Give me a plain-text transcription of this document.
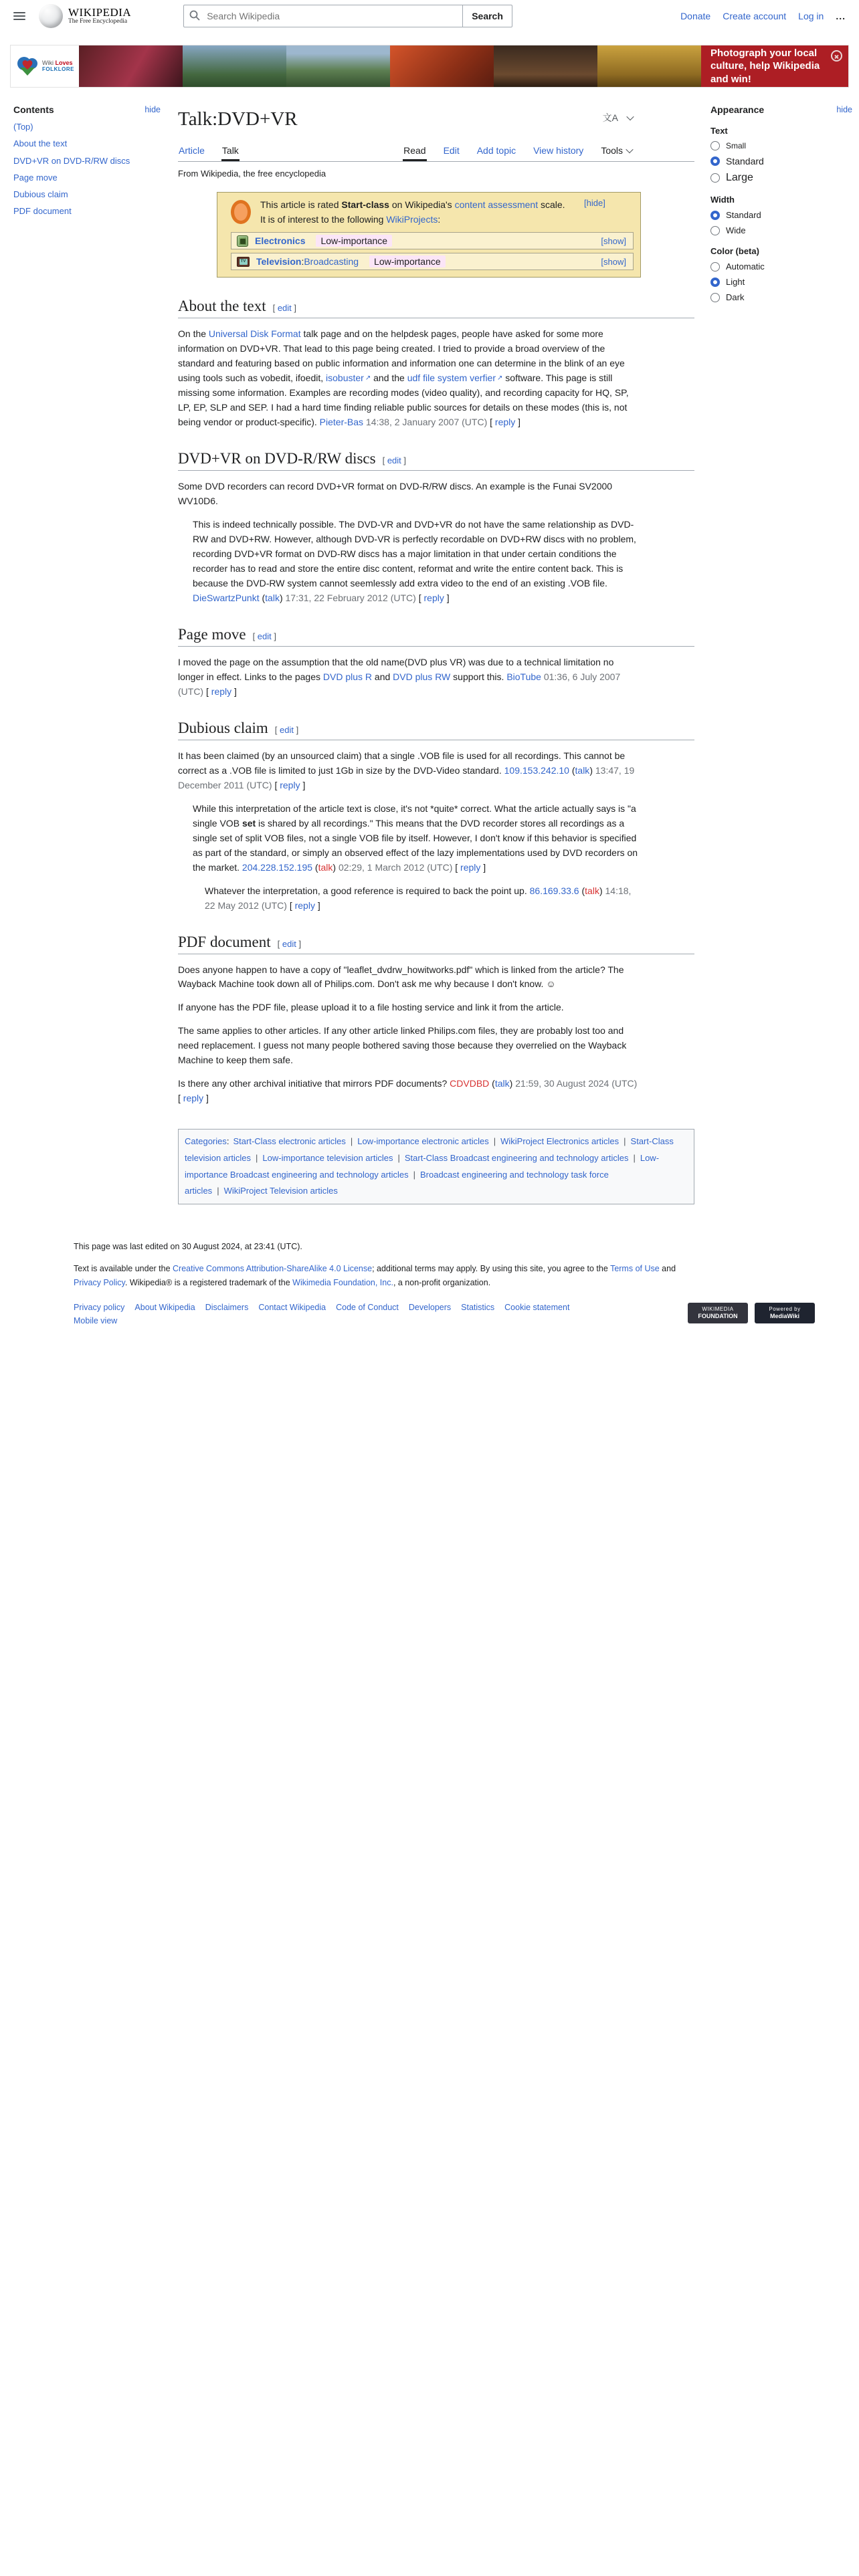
WIKIPEDIA
The Free Encyclopedia
Search Wikipedia	Search	Donate Create account Log in ...
Wiki Loves
FOLKLORE
Photograph your local culture, help Wikipedia and win!
Contents	hide
(Top)
About the text
DVD+VR on DVD-R/RW discs
Page move
Dubious claim
PDF document
Talk:DVD+VR
文A
Article Talk	Read Edit Add topic View history Tools
From Wikipedia, the free encyclopedia
This article is rated Start-class on Wikipedia's content assessment scale.
It is of interest to the following WikiProjects:
[hide]
Electronics	Low-importance	[show]
TV Television : Broadcasting	Low-importance	[show]
About the text [ edit ]
On the Universal Disk Format talk page and on the helpdesk pages, people have asked for some more information on DVD+VR. That lead to this page being created. I tried to provide a broad overview of the standard and featuring based on public information and information one can determine in the blink of an eye using tools such as vobedit, ifoedit, isobuster ↗ and the udf file system verfier ↗ software. This page is still missing some information. Examples are recording modes (video quality), and recording capacity for HQ, SP, LP, EP, SLP and SEP. I had a hard time finding reliable public sources for details on these modes (this is, not being vendor or product-specific). Pieter-Bas 14:38, 2 January 2007 (UTC) [ reply ]
DVD+VR on DVD-R/RW discs [ edit ]
Some DVD recorders can record DVD+VR format on DVD-R/RW discs. An example is the Funai SV2000 WV10D6.
This is indeed technically possible. The DVD-VR and DVD+VR do not have the same relationship as DVD-RW and DVD+RW. However, although DVD-VR is perfectly recordable on DVD+RW discs with no problem, recording DVD+VR format on DVD-RW discs has a major limitation in that under certain conditions the recorder has to read and store the entire disc content, reformat and write the entire content back. This is because the DVD-RW system cannot seemlessly add extra video to the end of an existing .VOB file. DieSwartzPunkt (talk) 17:31, 22 February 2012 (UTC) [ reply ]
Page move [ edit ]
I moved the page on the assumption that the old name(DVD plus VR) was due to a technical limitation no longer in effect. Links to the pages DVD plus R and DVD plus RW support this. BioTube 01:36, 6 July 2007 (UTC) [ reply ]
Dubious claim [ edit ]
It has been claimed (by an unsourced claim) that a single .VOB file is used for all recordings. This cannot be correct as a .VOB file is limited to just 1Gb in size by the DVD-Video standard. 109.153.242.10 (talk) 13:47, 19 December 2011 (UTC) [ reply ]
While this interpretation of the article text is close, it's not *quite* correct. What the article actually says is "a single VOB set is shared by all recordings." This means that the DVD recorder stores all recordings as a single set of split VOB files, not a single VOB file by itself. However, I don't know if this behavior is specified as part of the standard, or simply an observed effect of the lazy implementations used by DVD recorders on the market. 204.228.152.195 (talk) 02:29, 1 March 2012 (UTC) [ reply ]
Whatever the interpretation, a good reference is required to back the point up. 86.169.33.6 (talk) 14:18, 22 May 2012 (UTC) [ reply ]
PDF document [ edit ]
Does anyone happen to have a copy of "leaflet_dvdrw_howitworks.pdf" which is linked from the article? The Wayback Machine took down all of Philips.com. Don't ask me why because I don't know. ☺
If anyone has the PDF file, please upload it to a file hosting service and link it from the article.
The same applies to other articles. If any other article linked Philips.com files, they are probably lost too and need replacement. I guess not many people bothered saving those because they overrelied on the Wayback Machine to keep them safe.
Is there any other archival initiative that mirrors PDF documents? CDVDBD (talk) 21:59, 30 August 2024 (UTC) [ reply ]
Categories: Start-Class electronic articles | Low-importance electronic articles | WikiProject Electronics articles | Start-Class television articles | Low-importance television articles | Start-Class Broadcast engineering and technology articles | Low-importance Broadcast engineering and technology articles | Broadcast engineering and technology task force articles | WikiProject Television articles
Appearance	hide
Text
Small
Standard
Large
Width
Standard
Wide
Color (beta)
Automatic
Light
Dark
This page was last edited on 30 August 2024, at 23:41 (UTC).
Text is available under the Creative Commons Attribution-ShareAlike 4.0 License; additional terms may apply. By using this site, you agree to the Terms of Use and Privacy Policy. Wikipedia® is a registered trademark of the Wikimedia Foundation, Inc., a non-profit organization.
Privacy policy About Wikipedia Disclaimers Contact Wikipedia Code of Conduct Developers Statistics Cookie statement
Mobile view
WIKIMEDIA
FOUNDATION
Powered by
MediaWiki
